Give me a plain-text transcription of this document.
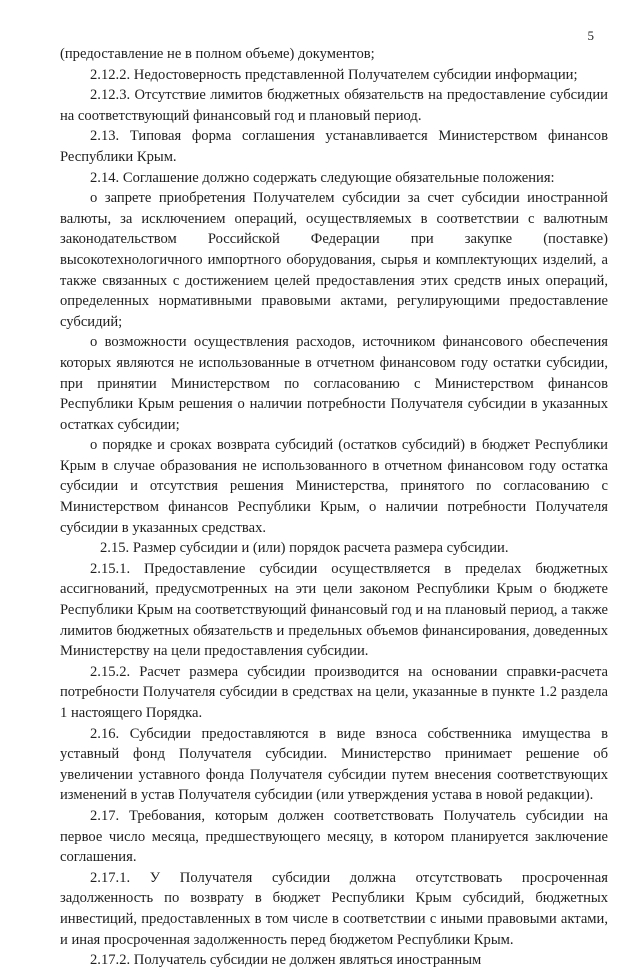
5

(предоставление не в полном объеме) документов;

2.12.2. Недостоверность представленной Получателем субсидии информации;

2.12.3. Отсутствие лимитов бюджетных обязательств на предоставление субсидии на соответствующий финансовый год и плановый период.

2.13. Типовая форма соглашения устанавливается Министерством финансов Республики Крым.

2.14. Соглашение должно содержать следующие обязательные положения:

о запрете приобретения Получателем субсидии за счет субсидии иностранной валюты, за исключением операций, осуществляемых в соответствии с валютным законодательством Российской Федерации при закупке (поставке) высокотехнологичного импортного оборудования, сырья и комплектующих изделий, а также связанных с достижением целей предоставления этих средств иных операций, определенных нормативными правовыми актами, регулирующими предоставление субсидий;

о возможности осуществления расходов, источником финансового обеспечения которых являются не использованные в отчетном финансовом году остатки субсидии, при принятии Министерством по согласованию с Министерством финансов Республики Крым решения о наличии потребности Получателя субсидии в указанных остатках субсидии;

о порядке и сроках возврата субсидий (остатков субсидий) в бюджет Республики Крым в случае образования не использованного в отчетном финансовом году остатка субсидии и отсутствия решения Министерства, принятого по согласованию с Министерством финансов Республики Крым, о наличии потребности Получателя субсидии в указанных средствах.

2.15. Размер субсидии и (или) порядок расчета размера субсидии.

2.15.1. Предоставление субсидии осуществляется в пределах бюджетных ассигнований, предусмотренных на эти цели законом Республики Крым о бюджете Республики Крым на соответствующий финансовый год и на плановый период, а также лимитов бюджетных обязательств и предельных объемов финансирования, доведенных Министерству на цели предоставления субсидии.

2.15.2. Расчет размера субсидии производится на основании справки-расчета потребности Получателя субсидии в средствах на цели, указанные в пункте 1.2 раздела 1 настоящего Порядка.

2.16. Субсидии предоставляются в виде взноса собственника имущества в уставный фонд Получателя субсидии. Министерство принимает решение об увеличении уставного фонда Получателя субсидии путем внесения соответствующих изменений в устав Получателя субсидии (или утверждения устава в новой редакции).

2.17. Требования, которым должен соответствовать Получатель субсидии на первое число месяца, предшествующего месяцу, в котором планируется заключение соглашения.

2.17.1. У Получателя субсидии должна отсутствовать просроченная задолженность по возврату в бюджет Республики Крым субсидий, бюджетных инвестиций, предоставленных в том числе в соответствии с иными правовыми актами, и иная просроченная задолженность перед бюджетом Республики Крым.

2.17.2. Получатель субсидии не должен являться иностранным
